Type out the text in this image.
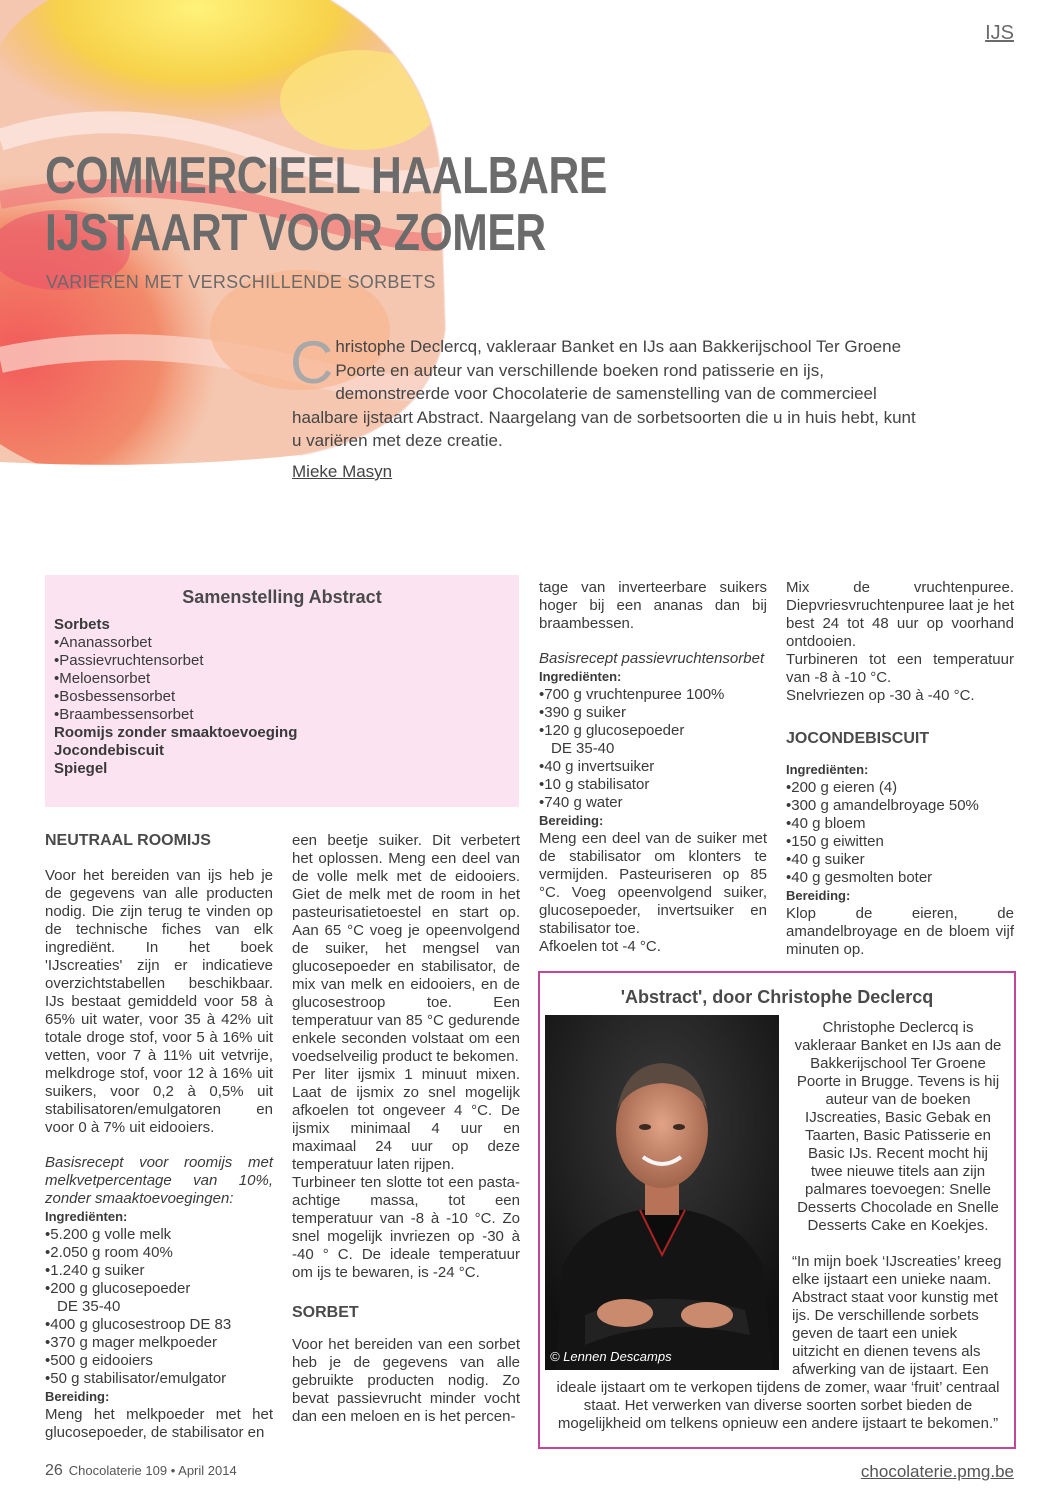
IJS
COMMERCIEEL HAALBARE
IJSTAART VOOR ZOMER
VARIEREN MET VERSCHILLENDE SORBETS
Christophe Declercq, vakleraar Banket en IJs aan Bakkerijschool Ter Groene Poorte en auteur van verschillende boeken rond patisserie en ijs, demonstreerde voor Chocolaterie de samenstelling van de commercieel haalbare ijstaart Abstract. Naargelang van de sorbetsoorten die u in huis hebt, kunt u variëren met deze creatie.
Mieke Masyn
Samenstelling Abstract
Sorbets
•Ananassorbet
•Passievruchtensorbet
•Meloensorbet
•Bosbessensorbet
•Braambessensorbet
Roomijs zonder smaaktoevoeging
Jocondebiscuit
Spiegel
NEUTRAAL ROOMIJS

Voor het bereiden van ijs heb je de gegevens van alle producten nodig. Die zijn terug te vinden op de technische fiches van elk ingrediënt. In het boek 'IJscreaties' zijn er indicatieve overzichtstabellen beschikbaar. IJs bestaat gemiddeld voor 58 à 65% uit water, voor 35 à 42% uit totale droge stof, voor 5 à 16% uit vetten, voor 7 à 11% uit vetvrije, melkdroge stof, voor 12 à 16% uit suikers, voor 0,2 à 0,5% uit stabilisatoren/emulgatoren en voor 0 à 7% uit eidooiers.

Basisrecept voor roomijs met melkvetpercentage van 10%, zonder smaaktoevoegingen:

Ingrediënten:
•5.200 g volle melk
•2.050 g room 40%
•1.240 g suiker
•200 g glucosepoeder
DE 35-40
•400 g glucosestroop DE 83
•370 g mager melkpoeder
•500 g eidooiers
•50 g stabilisator/emulgator
Bereiding:

Meng het melkpoeder met het glucosepoeder, de stabilisator en

een beetje suiker. Dit verbetert het oplossen. Meng een deel van de volle melk met de eidooiers. Giet de melk met de room in het pasteurisatietoestel en start op. Aan 65 °C voeg je opeenvolgend de suiker, het mengsel van glucosepoeder en stabilisator, de mix van melk en eidooiers, en de glucosestroop toe. Een temperatuur van 85 °C gedurende enkele seconden volstaat om een voedselveilig product te bekomen.

Per liter ijsmix 1 minuut mixen. Laat de ijsmix zo snel mogelijk afkoelen tot ongeveer 4 °C. De ijsmix minimaal 4 uur en maximaal 24 uur op deze temperatuur laten rijpen.

Turbineer ten slotte tot een pasta-achtige massa, tot een temperatuur van -8 à -10 °C. Zo snel mogelijk invriezen op -30 à -40 ° C. De ideale temperatuur om ijs te bewaren, is -24 °C.

SORBET

Voor het bereiden van een sorbet heb je de gegevens van alle gebruikte producten nodig. Zo bevat passievrucht minder vocht dan een meloen en is het percen-

tage van inverteerbare suikers hoger bij een ananas dan bij braambessen.

Basisrecept passievruchtensorbet

Ingrediënten:
•700 g vruchtenpuree 100%
•390 g suiker
•120 g glucosepoeder
DE 35-40
•40 g invertsuiker
•10 g stabilisator
•740 g water
Bereiding:

Meng een deel van de suiker met de stabilisator om klonters te vermijden. Pasteuriseren op 85 °C. Voeg opeenvolgend suiker, glucosepoeder, invertsuiker en stabilisator toe.

Afkoelen tot -4 °C.

Mix de vruchtenpuree. Diepvriesvruchtenpuree laat je het best 24 tot 48 uur op voorhand ontdooien.

Turbineren tot een temperatuur van -8 à -10 °C.

Snelvriezen op -30 à -40 °C.

JOCONDEBISCUIT
Ingrediënten:
•200 g eieren (4)
•300 g amandelbroyage 50%
•40 g bloem
•150 g eiwitten
•40 g suiker
•40 g gesmolten boter
Bereiding:

Klop de eieren, de amandelbroyage en de bloem vijf minuten op.

'Abstract', door Christophe Declercq
© Lennen Descamps
Christophe Declercq is vakleraar Banket en IJs aan de Bakkerijschool Ter Groene Poorte in Brugge. Tevens is hij auteur van de boeken IJscreaties, Basic Gebak en Taarten, Basic Patisserie en Basic IJs. Recent mocht hij twee nieuwe titels aan zijn palmares toevoegen: Snelle Desserts Chocolade en Snelle Desserts Cake en Koekjes.
“In mijn boek ‘IJscreaties’ kreeg elke ijstaart een unieke naam. Abstract staat voor kunstig met ijs. De verschillende sorbets geven de taart een uniek uitzicht en dienen tevens als afwerking van de ijstaart. Een
ideale ijstaart om te verkopen tijdens de zomer, waar ‘fruit’ centraal staat. Het verwerken van diverse soorten sorbet bieden de mogelijkheid om telkens opnieuw een andere ijstaart te bekomen.”
26 Chocolaterie 109 • April 2014	chocolaterie.pmg.be
